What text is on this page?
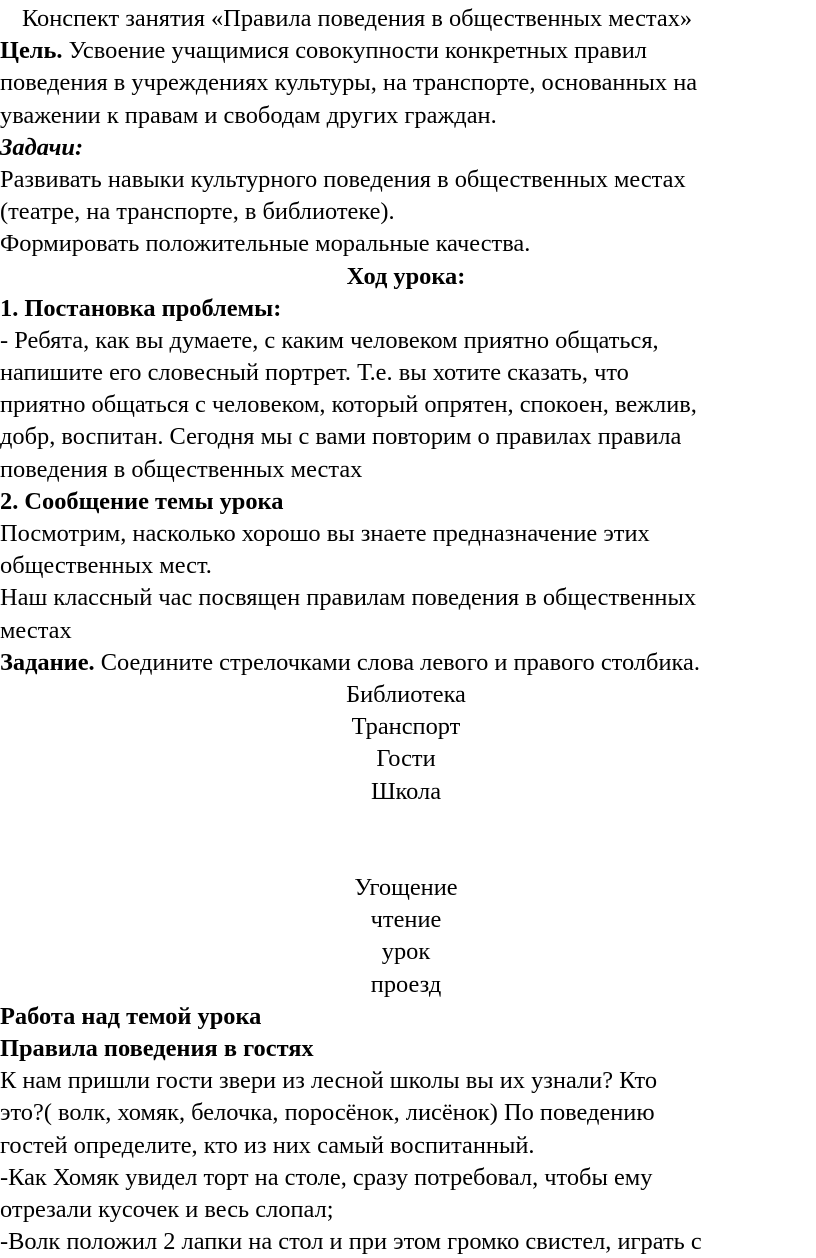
Конспект занятия «Правила поведения в общественных местах»
Цель. Усвоение учащимися совокупности конкретных правил
поведения в учреждениях культуры, на транспорте, основанных на
уважении к правам и свободам других граждан.
Задачи:
Развивать навыки культурного поведения в общественных местах
(театре, на транспорте, в библиотеке).
Формировать положительные моральные качества.
Ход урока:
1. Постановка проблемы:
- Ребята, как вы думаете, с каким человеком приятно общаться,
напишите его словесный портрет. Т.е. вы хотите сказать, что
приятно общаться с человеком, который опрятен, спокоен, вежлив,
добр, воспитан. Сегодня мы с вами повторим о правилах правила
поведения в общественных местах
2. Сообщение темы урока
Посмотрим, насколько хорошо вы знаете предназначение этих
общественных мест.
Наш классный час посвящен правилам поведения в общественных
местах
Задание. Соедините стрелочками слова левого и правого столбика.
Библиотека
Транспорт
Гости
Школа
Угощение
чтение
урок
проезд
Работа над темой урока
Правила поведения в гостях
К нам пришли гости звери из лесной школы вы их узнали? Кто
это?( волк, хомяк, белочка, поросёнок, лисёнок) По поведению
гостей определите, кто из них самый воспитанный.
-Как Хомяк увидел торт на столе, сразу потребовал, чтобы ему
отрезали кусочек и весь слопал;
-Волк положил 2 лапки на стол и при этом громко свистел, играть с
